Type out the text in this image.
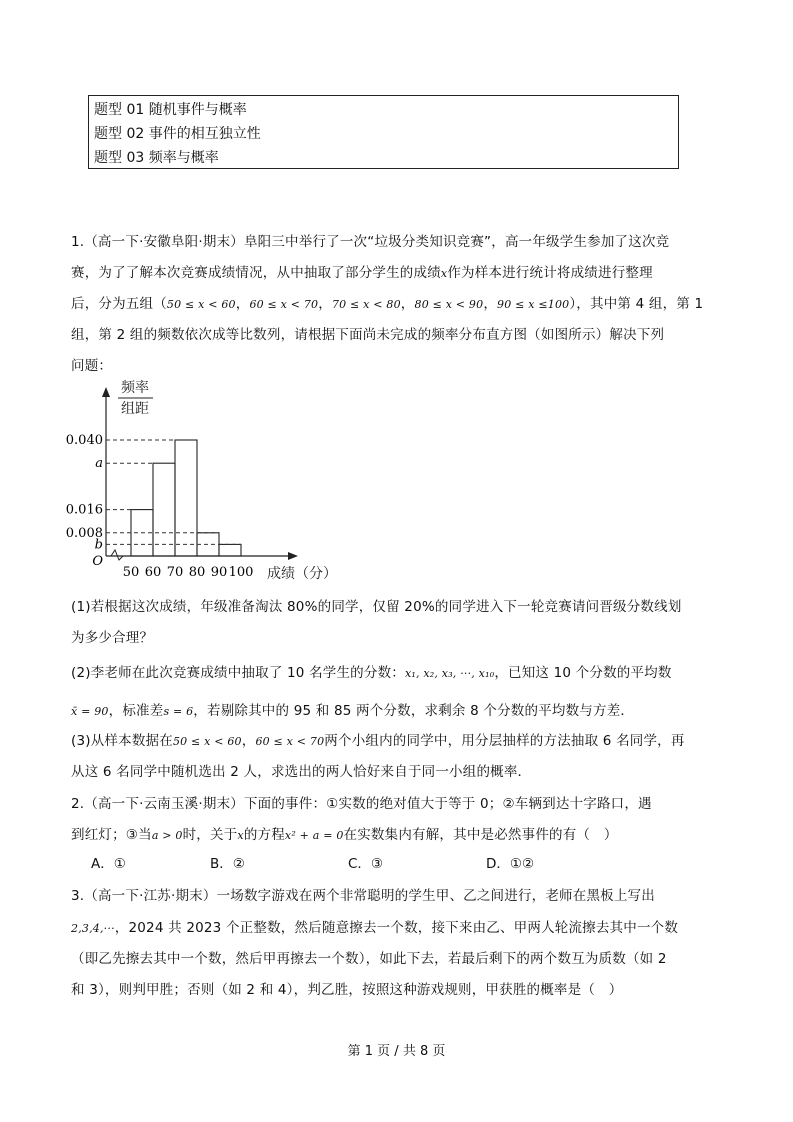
题型 01 随机事件与概率
题型 02 事件的相互独立性
题型 03 频率与概率
1.（高一下·安徽阜阳·期末）阜阳三中举行了一次“垃圾分类知识竞赛”，高一年级学生参加了这次竞
赛，为了了解本次竞赛成绩情况，从中抽取了部分学生的成绩x作为样本进行统计将成绩进行整理
后，分为五组（50 ≤ x < 60，60 ≤ x < 70，70 ≤ x < 80，80 ≤ x < 90，90 ≤ x ≤100），其中第 4 组，第 1
组，第 2 组的频数依次成等比数列，请根据下面尚未完成的频率分布直方图（如图所示）解决下列
问题：
0.040
a
0.016
0.008
b
50 60 70 80 90 100
O
频率
组距
成绩（分）
(1)若根据这次成绩，年级准备淘汰 80%的同学，仅留 20%的同学进入下一轮竞赛请问晋级分数线划
为多少合理？
(2)李老师在此次竞赛成绩中抽取了 10 名学生的分数：x₁, x₂, x₃, ···, x₁₀，已知这 10 个分数的平均数
x̄ = 90，标准差s = 6，若剔除其中的 95 和 85 两个分数，求剩余 8 个分数的平均数与方差．
(3)从样本数据在50 ≤ x < 60，60 ≤ x < 70两个小组内的同学中，用分层抽样的方法抽取 6 名同学，再
从这 6 名同学中随机选出 2 人，求选出的两人恰好来自于同一小组的概率．
2.（高一下·云南玉溪·期末）下面的事件：①实数的绝对值大于等于 0；②车辆到达十字路口，遇
到红灯；③当a > 0时，关于x的方程x² + a = 0在实数集内有解，其中是必然事件的有（　）
A．①	B．②	C．③	D．①②
3.（高一下·江苏·期末）一场数字游戏在两个非常聪明的学生甲、乙之间进行，老师在黑板上写出
2,3,4,···，2024 共 2023 个正整数，然后随意擦去一个数，接下来由乙、甲两人轮流擦去其中一个数
（即乙先擦去其中一个数，然后甲再擦去一个数），如此下去，若最后剩下的两个数互为质数（如 2
和 3），则判甲胜；否则（如 2 和 4），判乙胜，按照这种游戏规则，甲获胜的概率是（　）
第 1 页 / 共 8 页
